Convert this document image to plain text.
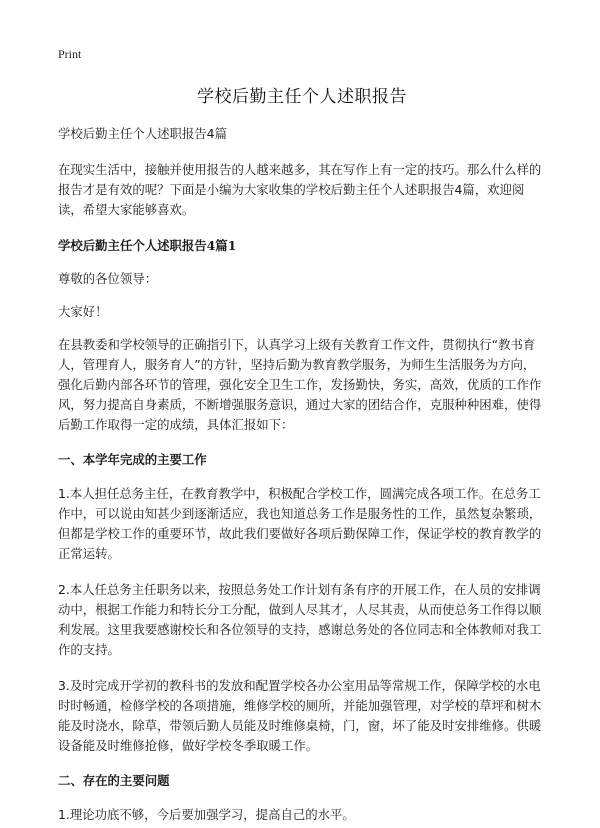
Print
学校后勤主任个人述职报告

学校后勤主任个人述职报告4篇

在现实生活中，接触并使用报告的人越来越多，其在写作上有一定的技巧。那么什么样的报告才是有效的呢？下面是小编为大家收集的学校后勤主任个人述职报告4篇，欢迎阅读，希望大家能够喜欢。

学校后勤主任个人述职报告4篇1

尊敬的各位领导：

大家好！

在县教委和学校领导的正确指引下，认真学习上级有关教育工作文件，贯彻执行“教书育人，管理育人，服务育人”的方针，坚持后勤为教育教学服务，为师生生活服务为方向，强化后勤内部各环节的管理，强化安全卫生工作，发扬勤快，务实，高效，优质的工作作风，努力提高自身素质，不断增强服务意识，通过大家的团结合作，克服种种困难，使得后勤工作取得一定的成绩，具体汇报如下：

一、本学年完成的主要工作

1.本人担任总务主任，在教育教学中，积极配合学校工作，圆满完成各项工作。在总务工作中，可以说由知甚少到逐渐适应，我也知道总务工作是服务性的工作，虽然复杂繁琐，但都是学校工作的重要环节，故此我们要做好各项后勤保障工作，保证学校的教育教学的正常运转。

2.本人任总务主任职务以来，按照总务处工作计划有条有序的开展工作，在人员的安排调动中，根据工作能力和特长分工分配，做到人尽其才，人尽其责，从而使总务工作得以顺利发展。这里我要感谢校长和各位领导的支持，感谢总务处的各位同志和全体教师对我工作的支持。

3.及时完成开学初的教科书的发放和配置学校各办公室用品等常规工作，保障学校的水电时时畅通，检修学校的各项措施，维修学校的厕所，并能加强管理，对学校的草坪和树木能及时浇水，除草，带领后勤人员能及时维修桌椅，门，窗，坏了能及时安排维修。供暖设备能及时维修抢修，做好学校冬季取暖工作。

二、存在的主要问题

1.理论功底不够，今后要加强学习，提高自己的水平。
